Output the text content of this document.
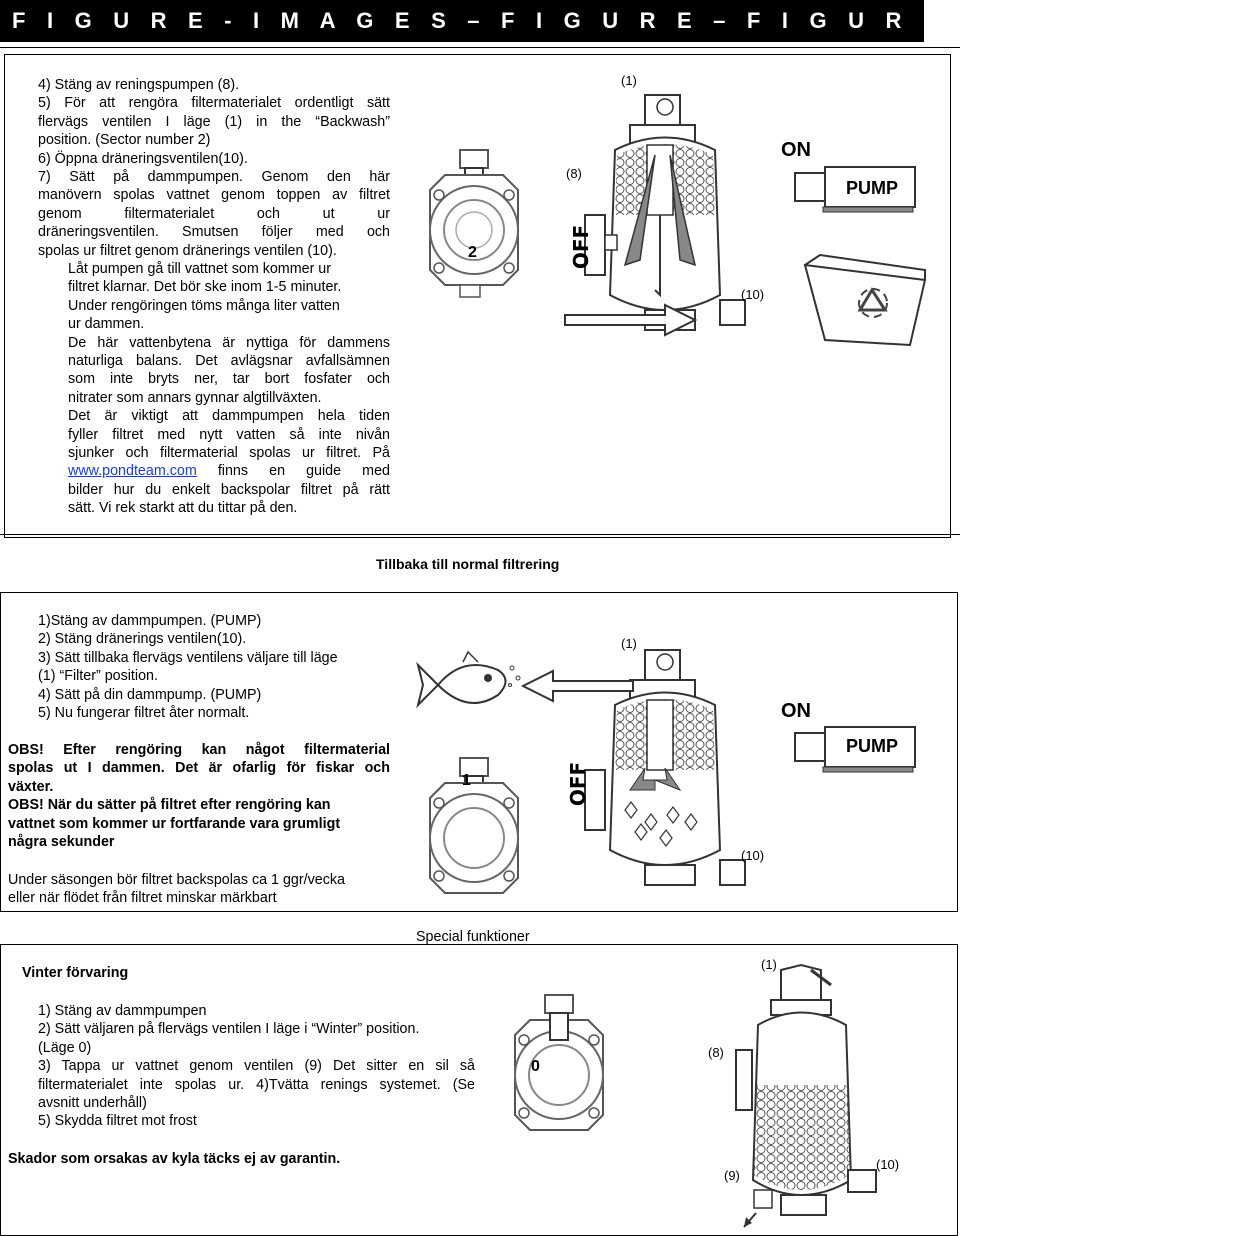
F I G U R E - I M A G E S – F I G U R E – F I G U R E N - F I G U R A S
4) Stäng av reningspumpen (8).
5) För att rengöra filtermaterialet ordentligt sätt
flervägs ventilen I läge (1) in the “Backwash”
position. (Sector number 2)
6) Öppna dräneringsventilen(10).
7) Sätt på dammpumpen. Genom den här
manövern spolas vattnet genom toppen av filtret
genom filtermaterialet och ut ur
dräneringsventilen. Smutsen följer med och
spolas ur filtret genom dränerings ventilen (10).
Låt pumpen gå till vattnet som kommer ur
filtret klarnar. Det bör ske inom 1-5 minuter.
Under rengöringen töms många liter vatten
ur dammen.
De här vattenbytena är nyttiga för dammens
naturliga balans. Det avlägsnar avfallsämnen
som inte bryts ner, tar bort fosfater och
nitrater som annars gynnar algtillväxten.
Det är viktigt att dammpumpen hela tiden
fyller filtret med nytt vatten så inte nivån
sjunker och filtermaterial spolas ur filtret. På
www.pondteam.com finns en guide med
bilder hur du enkelt backspolar filtret på rätt
sätt. Vi rek starkt att du tittar på den.
2
(1)
(8)
(10)
OFF
ON
PUMP
Tillbaka till normal filtrering
1)Stäng av dammpumpen. (PUMP)
2) Stäng dränerings ventilen(10).
3) Sätt tillbaka flervägs ventilens väljare till läge
(1) “Filter” position.
4) Sätt på din dammpump. (PUMP)
5) Nu fungerar filtret åter normalt.
OBS! Efter rengöring kan något filtermaterial
spolas ut I dammen. Det är ofarlig för fiskar och
växter.
OBS! När du sätter på filtret efter rengöring kan
vattnet som kommer ur fortfarande vara grumligt
några sekunder
Under säsongen bör filtret backspolas ca 1 ggr/vecka
eller när flödet från filtret minskar märkbart
1
(1)
(10)
OFF
ON
PUMP
Special funktioner
Vinter förvaring
1) Stäng av dammpumpen
2) Sätt väljaren på flervägs ventilen I läge i “Winter” position.
(Läge 0)
3) Tappa ur vattnet genom ventilen (9) Det sitter en sil så
filtermaterialet inte spolas ur. 4)Tvätta renings systemet. (Se
avsnitt underhåll)
5) Skydda filtret mot frost
Skador som orsakas av kyla täcks ej av garantin.
0
(1)
(8)
(9)
(10)
